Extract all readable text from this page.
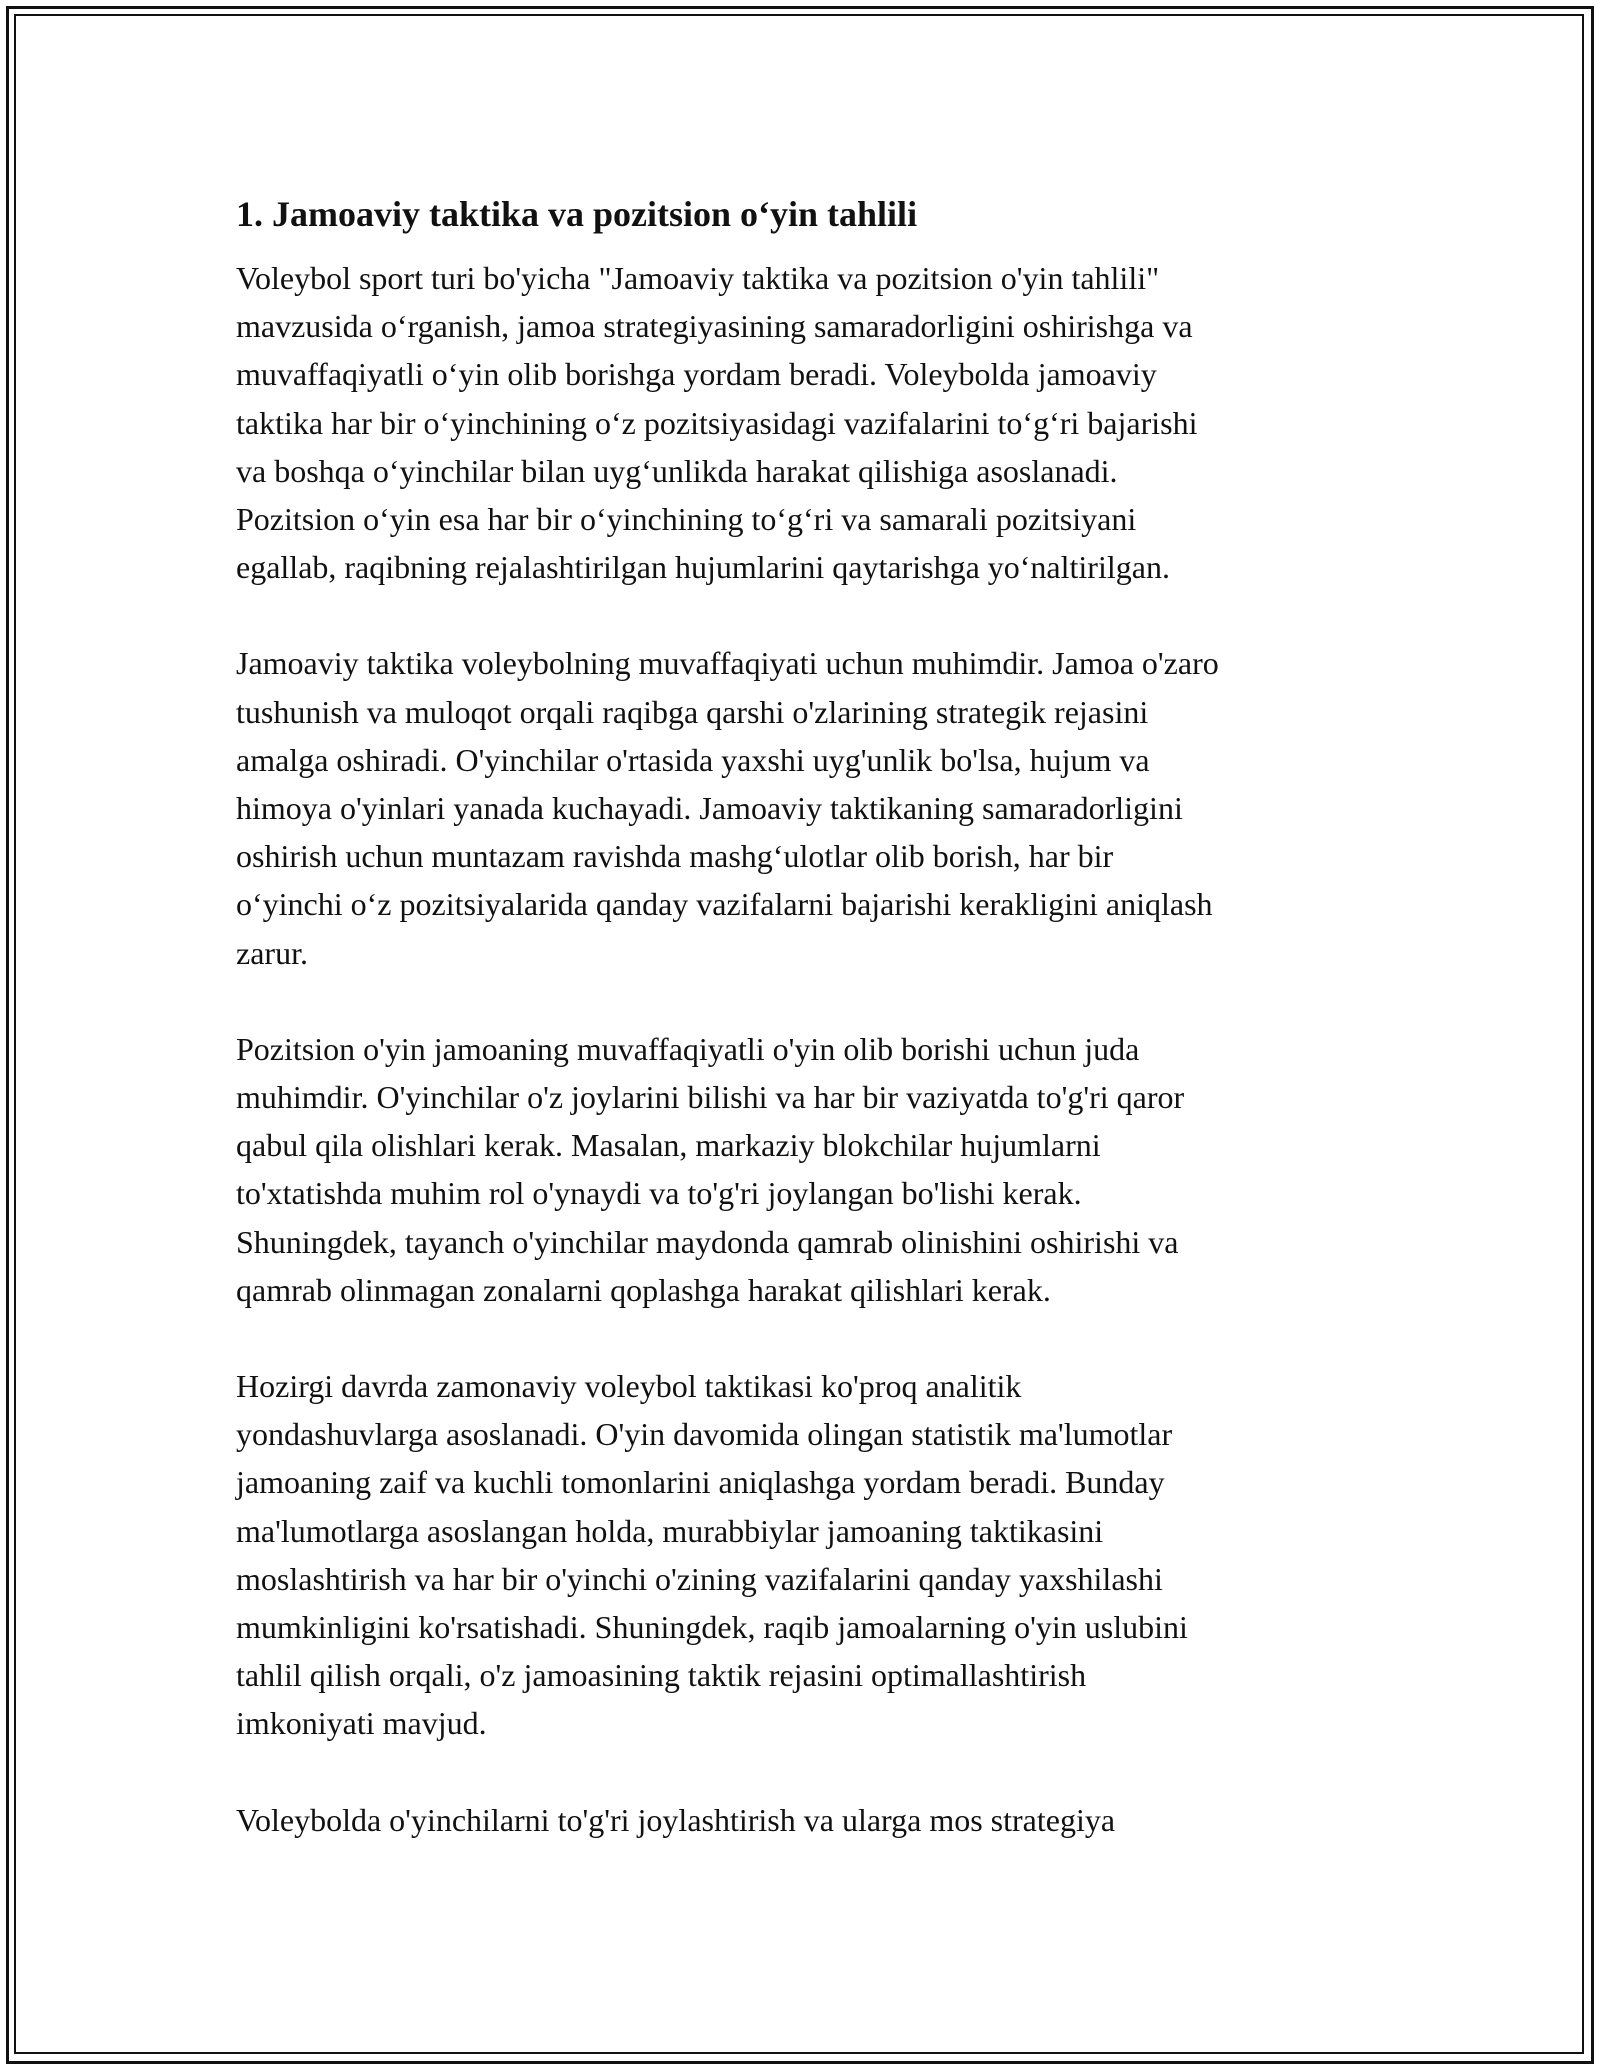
1. Jamoaviy taktika va pozitsion o‘yin tahlili

Voleybol sport turi bo'yicha "Jamoaviy taktika va pozitsion o'yin tahlili"
mavzusida o‘rganish, jamoa strategiyasining samaradorligini oshirishga va
muvaffaqiyatli o‘yin olib borishga yordam beradi. Voleybolda jamoaviy
taktika har bir o‘yinchining o‘z pozitsiyasidagi vazifalarini to‘g‘ri bajarishi
va boshqa o‘yinchilar bilan uyg‘unlikda harakat qilishiga asoslanadi.
Pozitsion o‘yin esa har bir o‘yinchining to‘g‘ri va samarali pozitsiyani
egallab, raqibning rejalashtirilgan hujumlarini qaytarishga yo‘naltirilgan.

Jamoaviy taktika voleybolning muvaffaqiyati uchun muhimdir. Jamoa o'zaro
tushunish va muloqot orqali raqibga qarshi o'zlarining strategik rejasini
amalga oshiradi. O'yinchilar o'rtasida yaxshi uyg'unlik bo'lsa, hujum va
himoya o'yinlari yanada kuchayadi. Jamoaviy taktikaning samaradorligini
oshirish uchun muntazam ravishda mashg‘ulotlar olib borish, har bir
o‘yinchi o‘z pozitsiyalarida qanday vazifalarni bajarishi kerakligini aniqlash
zarur.

Pozitsion o'yin jamoaning muvaffaqiyatli o'yin olib borishi uchun juda
muhimdir. O'yinchilar o'z joylarini bilishi va har bir vaziyatda to'g'ri qaror
qabul qila olishlari kerak. Masalan, markaziy blokchilar hujumlarni
to'xtatishda muhim rol o'ynaydi va to'g'ri joylangan bo'lishi kerak.
Shuningdek, tayanch o'yinchilar maydonda qamrab olinishini oshirishi va
qamrab olinmagan zonalarni qoplashga harakat qilishlari kerak.

Hozirgi davrda zamonaviy voleybol taktikasi ko'proq analitik
yondashuvlarga asoslanadi. O'yin davomida olingan statistik ma'lumotlar
jamoaning zaif va kuchli tomonlarini aniqlashga yordam beradi. Bunday
ma'lumotlarga asoslangan holda, murabbiylar jamoaning taktikasini
moslashtirish va har bir o'yinchi o'zining vazifalarini qanday yaxshilashi
mumkinligini ko'rsatishadi. Shuningdek, raqib jamoalarning o'yin uslubini
tahlil qilish orqali, o'z jamoasining taktik rejasini optimallashtirish
imkoniyati mavjud.

Voleybolda o'yinchilarni to'g'ri joylashtirish va ularga mos strategiya
